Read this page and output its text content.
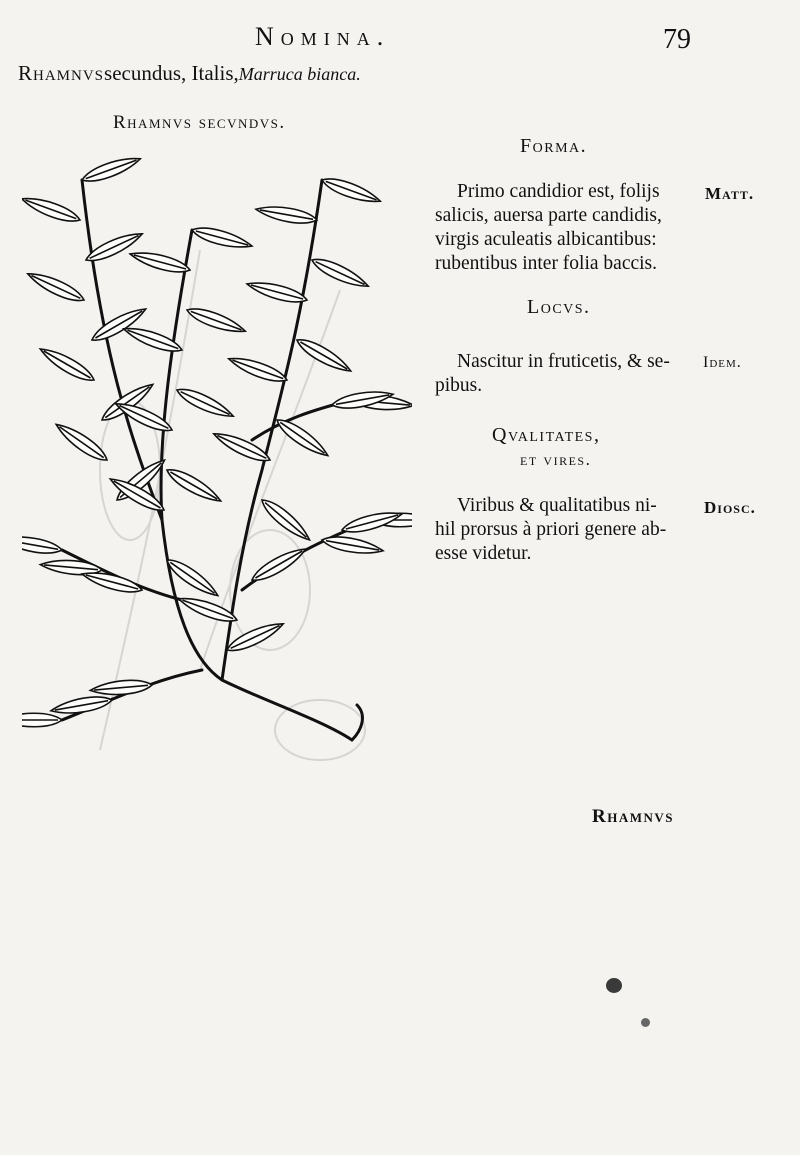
Nomina.	79
Rhamnvssecundus, Italis,Marruca bianca.
Rhamnvs secvndvs.
Forma.
Primo candidior est, folijs
salicis, auersa parte candidis,
virgis aculeatis albicantibus:
rubentibus inter folia baccis.
Matt.
Locvs.
Nascitur in fruticetis, & se-
pibus.
Idem.
Qvalitates,
et vires.
Viribus & qualitatibus ni-
hil prorsus à priori genere ab-
esse videtur.
Diosc.
Rhamnvs
